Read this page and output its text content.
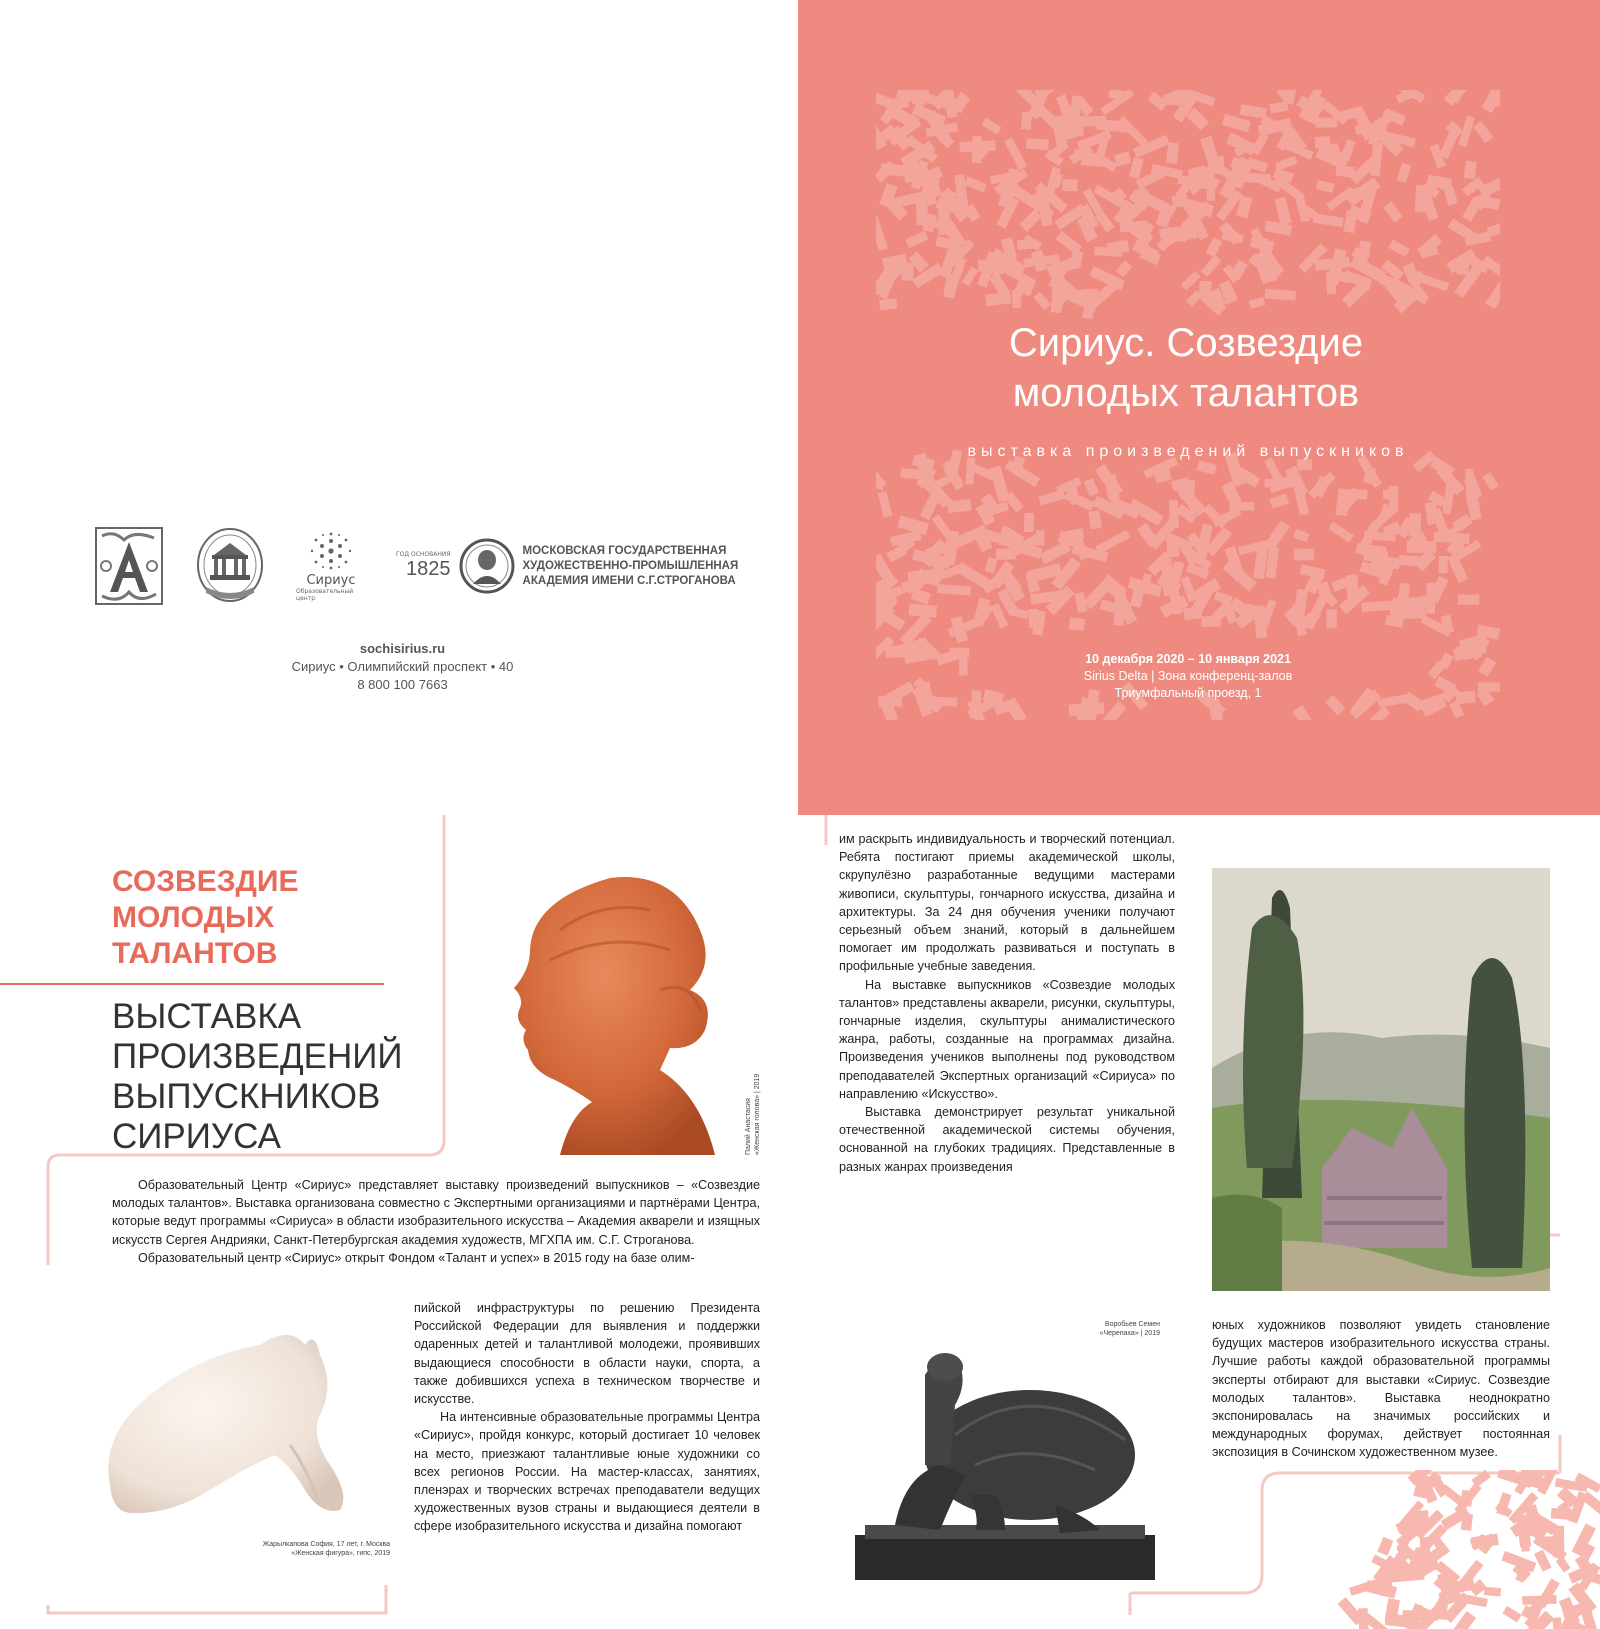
Сириус
Образовательный центр
ГОД ОСНОВАНИЯ
1825
МОСКОВСКАЯ ГОСУДАРСТВЕННАЯ
ХУДОЖЕСТВЕННО-ПРОМЫШЛЕННАЯ
АКАДЕМИЯ ИМЕНИ С.Г.СТРОГАНОВА
sochisirius.ru
Сириус • Олимпийский проспект • 40
8 800 100 7663
Сириус. Созвездие
молодых талантов
выставка произведений выпускников
10 декабря 2020 – 10 января 2021
Sirius Delta | Зона конференц-залов
Триумфальный проезд, 1
СОЗВЕЗДИЕ
МОЛОДЫХ
ТАЛАНТОВ
ВЫСТАВКА
ПРОИЗВЕДЕНИЙ
ВЫПУСКНИКОВ
СИРИУСА	Палий Анастасия «Женская голова» | 2019

Образовательный Центр «Сириус» представляет выставку произведений выпускников – «Созвездие молодых талантов». Выставка организована совместно с Экспертными организациями и партнёрами Центра, которые ведут программы «Сириуса» в области изобразительного искусства – Академия акварели и изящных искусств Сергея Андрияки, Санкт-Петербургская академия художеств, МГХПА им. С.Г. Строганова.

Образовательный центр «Сириус» открыт Фондом «Талант и успех» в 2015 году на базе олим-

Жарылкапова София, 17 лет, г. Москва
«Женская фигура», гипс, 2019

пийской инфраструктуры по решению Президента Российской Федерации для выявления и поддержки одаренных детей и талантливой молодежи, проявивших выдающиеся способности в области науки, спорта, а также добившихся успеха в техническом творчестве и искусстве.

На интенсивные образовательные программы Центра «Сириус», пройдя конкурс, который достигает 10 человек на место, приезжают талантливые юные художники со всех регионов России. На мастер-классах, занятиях, пленэрах и творческих встречах преподаватели ведущих художественных вузов страны и выдающиеся деятели в сфере изобразительного искусства и дизайна помогают

им раскрыть индивидуальность и творческий потенциал. Ребята постигают приемы академической школы, скрупулёзно разработанные ведущими мастерами живописи, скульптуры, гончарного искусства, дизайна и архитектуры. За 24 дня обучения ученики получают серьезный объем знаний, который в дальнейшем помогает им продолжать развиваться и поступать в профильные учебные заведения.

На выставке выпускников «Созвездие молодых талантов» представлены акварели, рисунки, скульптуры, гончарные изделия, скульптуры анималистического жанра, работы, созданные на программах дизайна. Произведения учеников выполнены под руководством преподавателей Экспертных организаций «Сириуса» по направлению «Искусство».

Выставка демонстрирует результат уникальной отечественной академической системы обучения, основанной на глубоких традициях. Представленные в разных жанрах произведения

Воробьев Семен
«Черепаха» | 2019

юных художников позволяют увидеть становление будущих мастеров изобразительного искусства страны. Лучшие работы каждой образовательной программы эксперты отбирают для выставки «Сириус. Созвездие молодых талантов». Выставка неоднократно экспонировалась на значимых российских и международных форумах, действует постоянная экспозиция в Сочинском художественном музее.
